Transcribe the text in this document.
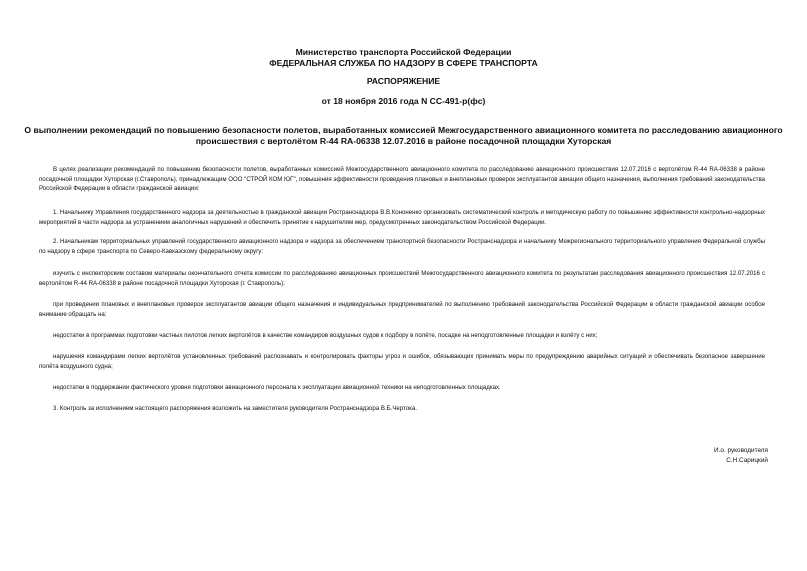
Министерство транспорта Российской Федерации
ФЕДЕРАЛЬНАЯ СЛУЖБА ПО НАДЗОРУ В СФЕРЕ ТРАНСПОРТА
РАСПОРЯЖЕНИЕ
от 18 ноября 2016 года N СС-491-р(фс)
О выполнении рекомендаций по повышению безопасности полетов, выработанных комиссией Межгосударственного авиационного комитета по расследованию авиационного происшествия с вертолётом R-44 RA-06338 12.07.2016 в районе посадочной площадки Хуторская

В целях реализации рекомендаций по повышению безопасности полетов, выработанных комиссией Межгосударственного авиационного комитета по расследованию авиационного происшествия 12.07.2016 с вертолётом R-44 RA-06338 в районе посадочной площадки Хуторская (г.Ставрополь), принадлежащим ООО "СТРОЙ КОМ ЮГ", повышения эффективности проведения плановых и внеплановых проверок эксплуатантов авиации общего назначения, выполнения требований законодательства Российской Федерации в области гражданской авиации:

1. Начальнику Управления государственного надзора за деятельностью в гражданской авиации Ространснадзора В.В.Кононенко организовать систематический контроль и методическую работу по повышению эффективности контрольно-надзорных мероприятий в части надзора за устранением аналогичных нарушений и обеспечить принятие к нарушителям мер, предусмотренных законодательством Российской Федерации.

2. Начальникам территориальных управлений государственного авиационного надзора и надзора за обеспечением транспортной безопасности Ространснадзора и начальнику Межрегионального территориального управления Федеральной службы по надзору в сфере транспорта по Северо-Кавказскому федеральному округу:

изучить с инспекторским составом материалы окончательного отчета комиссии по расследованию авиационных происшествий Межгосударственного авиационного комитета по результатам расследования авиационного происшествия 12.07.2016 с вертолётом R-44 RA-06338 в районе посадочной площадки Хуторская (г. Ставрополь);

при проведении плановых и внеплановых проверок эксплуатантов авиации общего назначения и индивидуальных предпринимателей по выполнению требований законодательства Российской Федерации в области гражданской авиации особое внимание обращать на:

недостатки в программах подготовки частных пилотов легких вертолётов в качестве командиров воздушных судов к подбору в полёте, посадке на неподготовленные площадки и взлёту с них;

нарушения командирами легких вертолётов установленных требований распознавать и контролировать факторы угроз и ошибок, обязывающих принимать меры по предупреждению аварийных ситуаций и обеспечивать безопасное завершение полёта воздушного судна;

недостатки в поддержании фактического уровня подготовки авиационного персонала к эксплуатации авиационной техники на неподготовленных площадках.

3. Контроль за исполнением настоящего распоряжения возложить на заместителя руководителя Ространснадзора В.Б.Чертока.

И.о. руководителя
С.Н.Сарицкий
